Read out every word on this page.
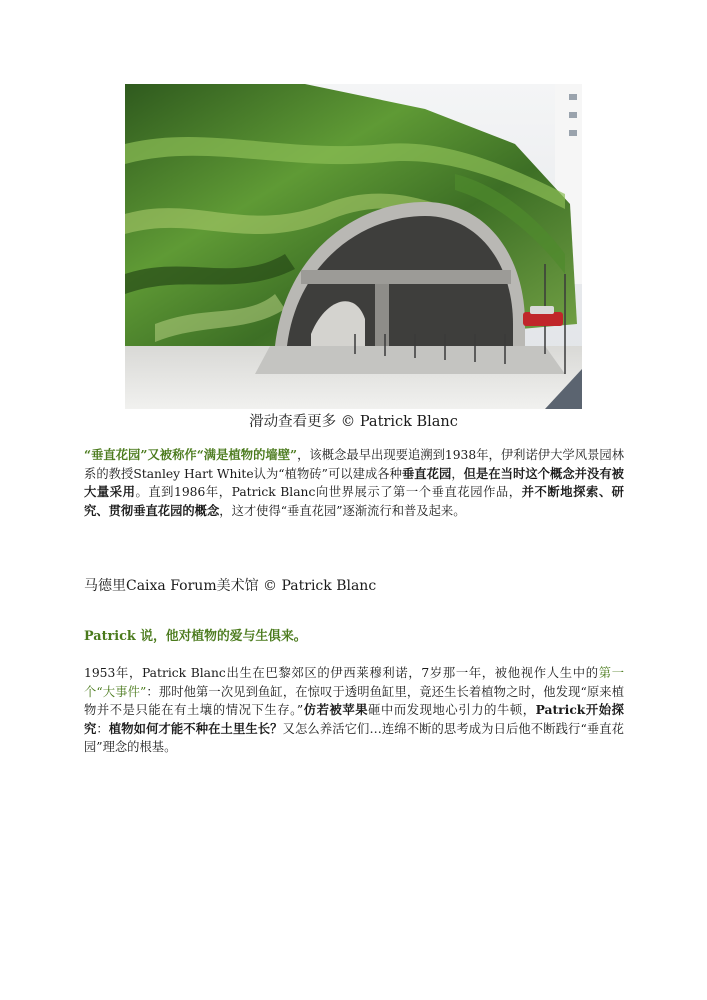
滑动查看更多 © Patrick Blanc
“垂直花园”又被称作“满是植物的墙壁”，该概念最早出现要追溯到1938年，伊利诺伊大学风景园林系的教授Stanley Hart White认为“植物砖”可以建成各种垂直花园，但是在当时这个概念并没有被大量采用。直到1986年，Patrick Blanc向世界展示了第一个垂直花园作品，并不断地探索、研究、贯彻垂直花园的概念，这才使得“垂直花园”逐渐流行和普及起来。
马德里Caixa Forum美术馆 © Patrick Blanc
Patrick 说，他对植物的爱与生俱来。
1953年，Patrick Blanc出生在巴黎郊区的伊西莱穆利诺，7岁那一年，被他视作人生中的第一个“大事件”：那时他第一次见到鱼缸，在惊叹于透明鱼缸里，竟还生长着植物之时，他发现“原来植物并不是只能在有土壤的情况下生存。”仿若被苹果砸中而发现地心引力的牛顿，Patrick开始探究：植物如何才能不种在土里生长？又怎么养活它们…连绵不断的思考成为日后他不断践行“垂直花园”理念的根基。
